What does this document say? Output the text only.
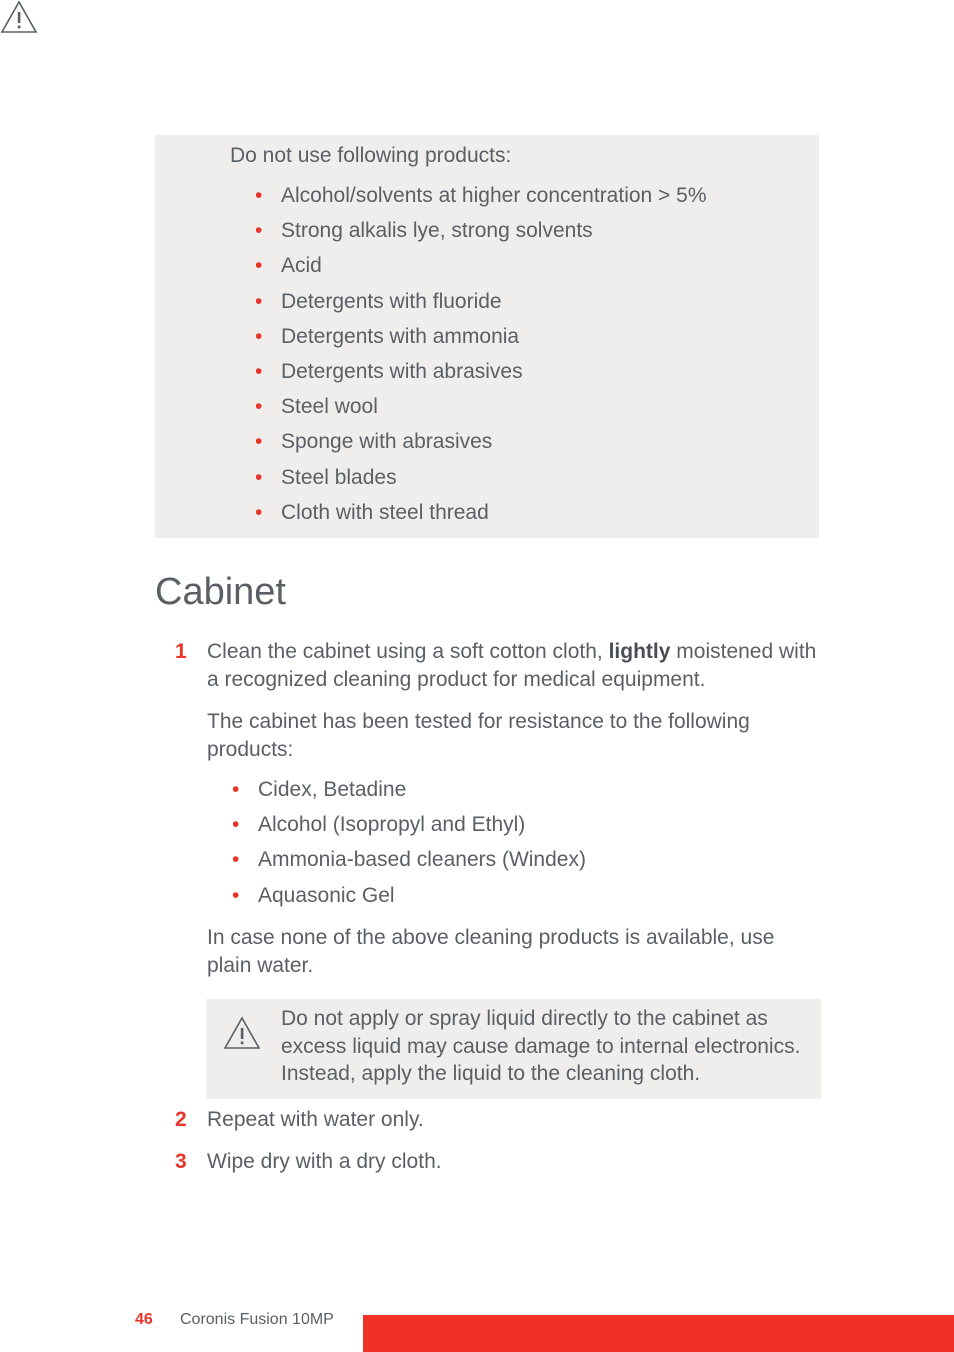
Do not use following products:
• Alcohol/solvents at higher concentration > 5%
• Strong alkalis lye, strong solvents
• Acid
• Detergents with fluoride
• Detergents with ammonia
• Detergents with abrasives
• Steel wool
• Sponge with abrasives
• Steel blades
• Cloth with steel thread
Cabinet
1 Clean the cabinet using a soft cotton cloth, lightly moistened with a recognized cleaning product for medical equipment.

The cabinet has been tested for resistance to the following products:

• Cidex, Betadine
• Alcohol (Isopropyl and Ethyl)
• Ammonia-based cleaners (Windex)
• Aquasonic Gel

In case none of the above cleaning products is available, use plain water.

Do not apply or spray liquid directly to the cabinet as excess liquid may cause damage to internal electronics. Instead, apply the liquid to the cleaning cloth.

2 Repeat with water only.

3 Wipe dry with a dry cloth.

46 Coronis Fusion 10MP
